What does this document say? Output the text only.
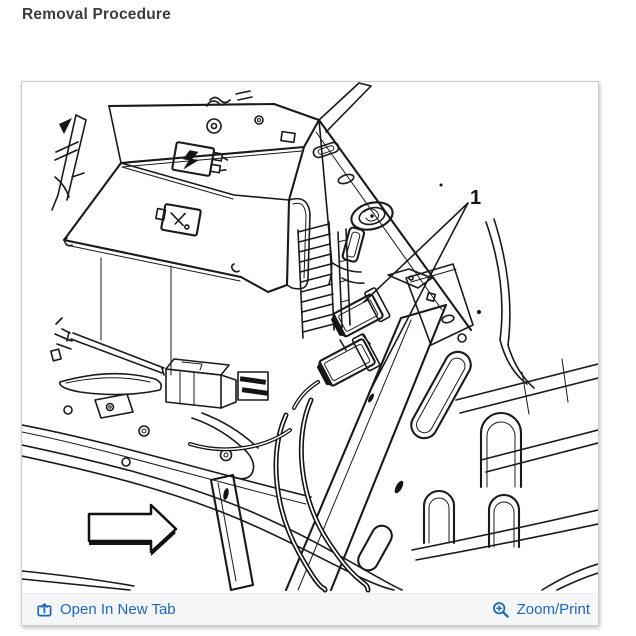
Removal Procedure
1
Open In New Tab	Zoom/Print
